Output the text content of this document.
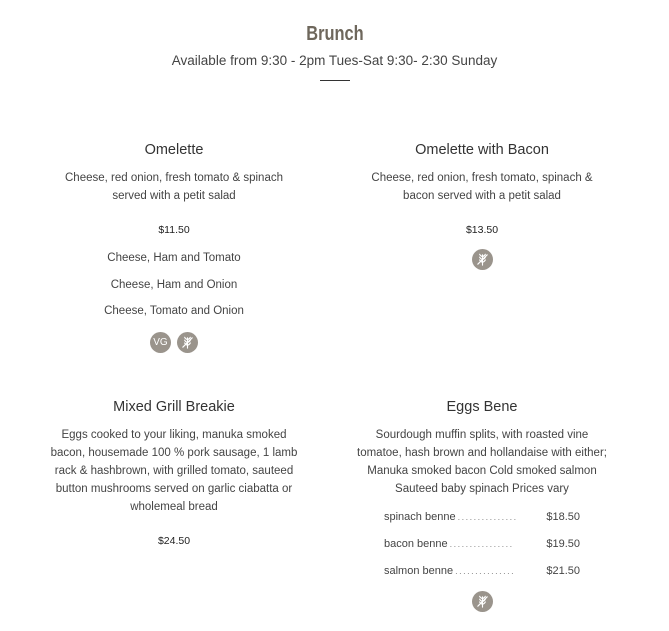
Brunch
Available from 9:30 - 2pm Tues-Sat 9:30- 2:30 Sunday
Omelette
Cheese, red onion, fresh tomato & spinach served with a petit salad
$11.50
Cheese, Ham and Tomato
Cheese, Ham and Onion
Cheese, Tomato and Onion
VG
Omelette with Bacon
Cheese, red onion, fresh tomato, spinach & bacon served with a petit salad
$13.50
Mixed Grill Breakie
Eggs cooked to your liking, manuka smoked bacon, housemade 100 % pork sausage, 1 lamb rack & hashbrown, with grilled tomato, sauteed button mushrooms served on garlic ciabatta or wholemeal bread
$24.50
Eggs Bene
Sourdough muffin splits, with roasted vine tomatoe, hash brown and hollandaise with either; Manuka smoked bacon Cold smoked salmon Sauteed baby spinach Prices vary
spinach benne ...............	$18.50
bacon benne ................	$19.50
salmon benne ...............	$21.50
